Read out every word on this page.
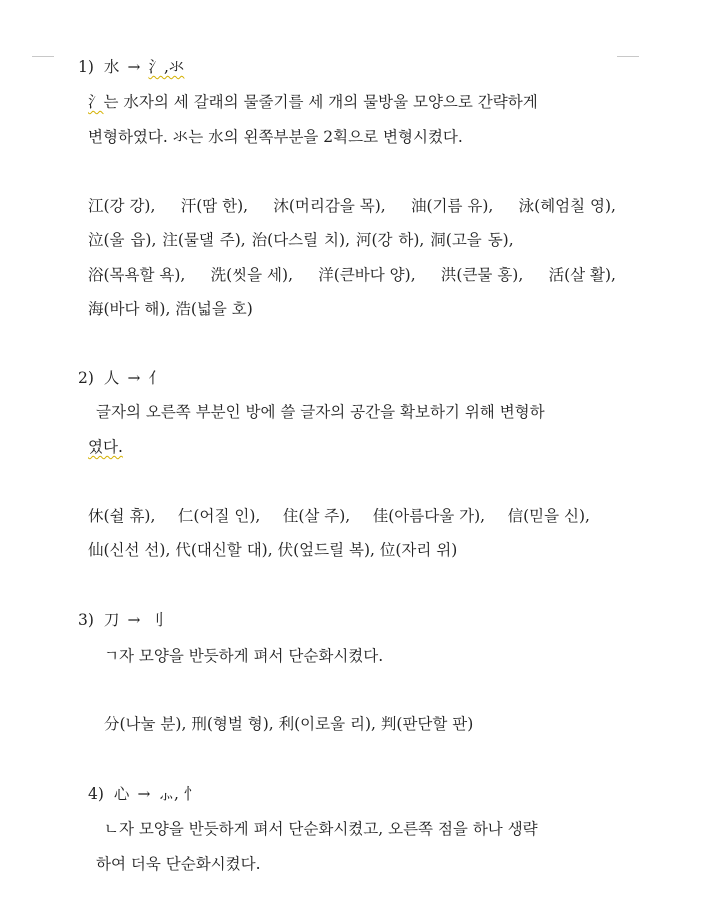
1) 水 → 氵,氺
氵는 水자의 세 갈래의 물줄기를 세 개의 물방울 모양으로 간략하게
변형하였다. 氺는 水의 왼쪽부분을 2획으로 변형시켰다.
江(강 강), 汗(땀 한), 沐(머리감을 목), 油(기름 유), 泳(헤엄칠 영),
泣(울 읍), 注(물댈 주), 治(다스릴 치), 河(강 하), 洞(고을 동),
浴(목욕할 욕), 洗(씻을 세), 洋(큰바다 양), 洪(큰물 홍), 活(살 활),
海(바다 해), 浩(넓을 호)
2) 人 → 亻
글자의 오른쪽 부분인 방에 쓸 글자의 공간을 확보하기 위해 변형하
였다.
休(쉴 휴), 仁(어질 인), 住(살 주), 佳(아름다울 가), 信(믿을 신),
仙(신선 선), 代(대신할 대), 伏(엎드릴 복), 位(자리 위)
3) 刀 → 刂
ㄱ자 모양을 반듯하게 펴서 단순화시켰다.
分(나눌 분), 刑(형벌 형), 利(이로울 리), 判(판단할 판)
4) 心 → ⺗, 忄
ㄴ자 모양을 반듯하게 펴서 단순화시켰고, 오른쪽 점을 하나 생략
하여 더욱 단순화시켰다.
